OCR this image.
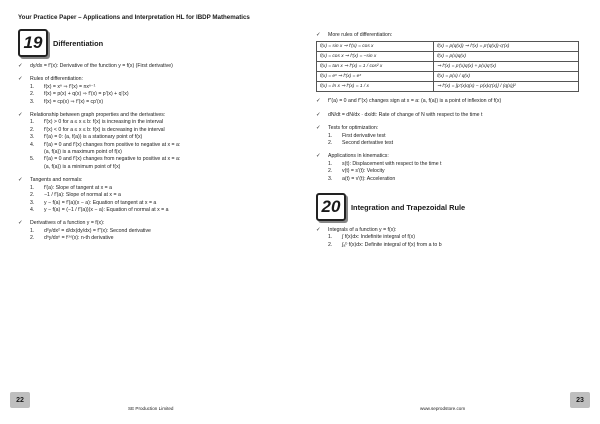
Your Practice Paper – Applications and Interpretation HL for IBDP Mathematics
19	Differentiation
✓	dy/dx = f'(x): Derivative of the function y = f(x) (First derivative)
✓	Rules of differentiation:
1.	f(x) = xⁿ ⇒ f'(x) = nxⁿ⁻¹
2.	f(x) = p(x) + q(x) ⇒ f'(x) = p'(x) + q'(x)
3.	f(x) = cp(x) ⇒ f'(x) = cp'(x)
✓	Relationship between graph properties and the derivatives:
1.	f'(x) > 0 for a ≤ x ≤ b: f(x) is increasing in the interval
2.	f'(x) < 0 for a ≤ x ≤ b: f(x) is decreasing in the interval
3.	f'(a) = 0: (a, f(a)) is a stationary point of f(x)
4.	f'(a) = 0 and f'(x) changes from positive to negative at x = a:
(a, f(a)) is a maximum point of f(x)
5.	f'(a) = 0 and f'(x) changes from negative to positive at x = a:
(a, f(a)) is a minimum point of f(x)
✓	Tangents and normals:
1.	f'(a): Slope of tangent at x = a
2.	−1 / f'(a): Slope of normal at x = a
3.	y − f(a) = f'(a)(x − a): Equation of tangent at x = a
4.	y − f(a) = (−1 / f'(a))(x − a): Equation of normal at x = a
✓	Derivatives of a function y = f(x):
1.	d²y/dx² = d/dx(dy/dx) = f''(x): Second derivative
2.	dⁿy/dxⁿ = f⁽ⁿ⁾(x): n-th derivative
✓	More rules of differentiation:
f(x) = sin x ⇒ f'(x) = cos x	f(x) = p(q(x)) ⇒ f'(x) = p'(q(x))·q'(x)
f(x) = cos x ⇒ f'(x) = −sin x	f(x) = p(x)q(x)
f(x) = tan x ⇒ f'(x) = 1 / cos² x	⇒ f'(x) = p'(x)q(x) + p(x)q'(x)
f(x) = eˣ ⇒ f'(x) = eˣ	f(x) = p(x) / q(x)
f(x) = ln x ⇒ f'(x) = 1 / x	⇒ f'(x) = [p'(x)q(x) − p(x)q'(x)] / (q(x))²
✓	f''(a) = 0 and f''(x) changes sign at x = a: (a, f(a)) is a point of inflexion of f(x)
✓	dN/dt = dN/dx · dx/dt: Rate of change of N with respect to the time t
✓	Tests for optimization:
1.	First derivative test
2.	Second derivative test
✓	Applications in kinematics:
1.	s(t): Displacement with respect to the time t
2.	v(t) = s'(t): Velocity
3.	a(t) = v'(t): Acceleration
20	Integration and Trapezoidal Rule
✓	Integrals of a function y = f(x):
1.	∫ f(x)dx: Indefinite integral of f(x)
2.	∫ₐᵇ f(x)dx: Definite integral of f(x) from a to b
22
SE Production Limited	www.seprodstore.com
23
